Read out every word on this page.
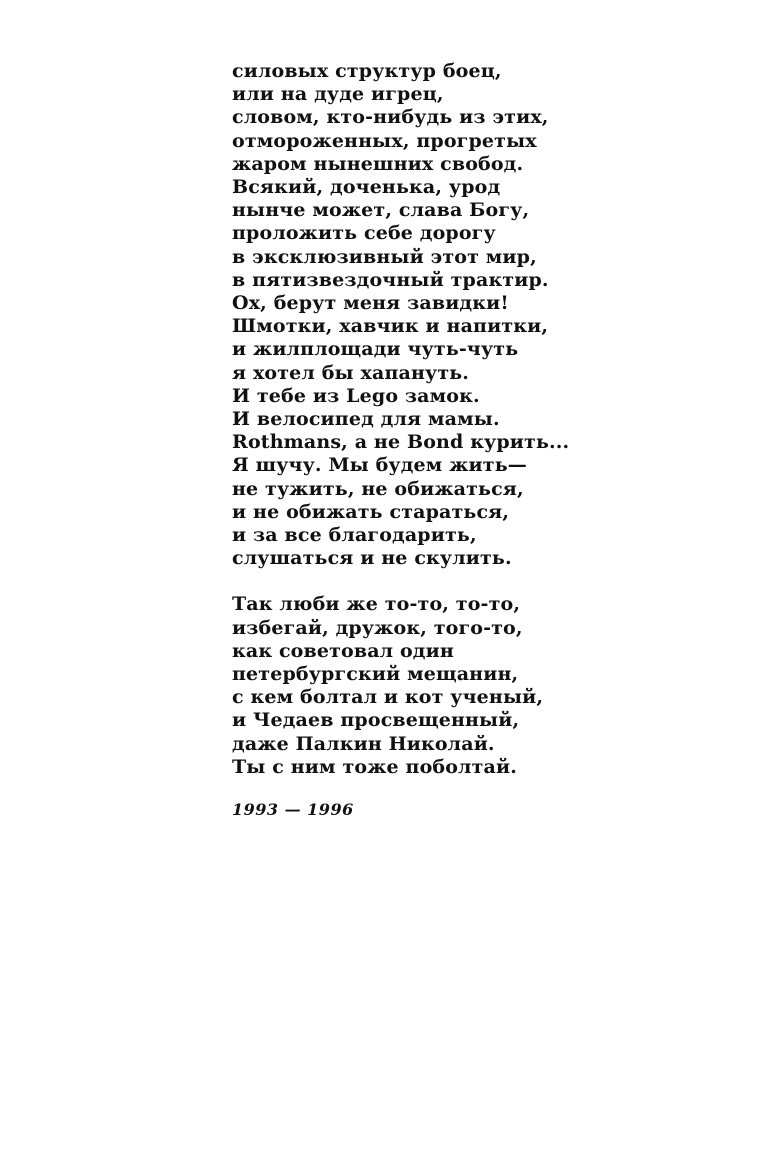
силовых структур боец,
или на дуде игрец,
словом, кто-нибудь из этих,
отмороженных, прогретых
жаром нынешних свобод.
Всякий, доченька, урод
нынче может, слава Богу,
проложить себе дорогу
в эксклюзивный этот мир,
в пятизвездочный трактир.
Ох, берут меня завидки!
Шмотки, хавчик и напитки,
и жилплощади чуть-чуть
я хотел бы хапануть.
И тебе из Lego замок.
И велосипед для мамы.
Rothmans, а не Bond курить...
Я шучу. Мы будем жить—
не тужить, не обижаться,
и не обижать стараться,
и за все благодарить,
слушаться и не скулить.
Так люби же то-то, то-то,
избегай, дружок, того-то,
как советовал один
петербургский мещанин,
с кем болтал и кот ученый,
и Чедаев просвещенный,
даже Палкин Николай.
Ты с ним тоже поболтай.
1993 — 1996
